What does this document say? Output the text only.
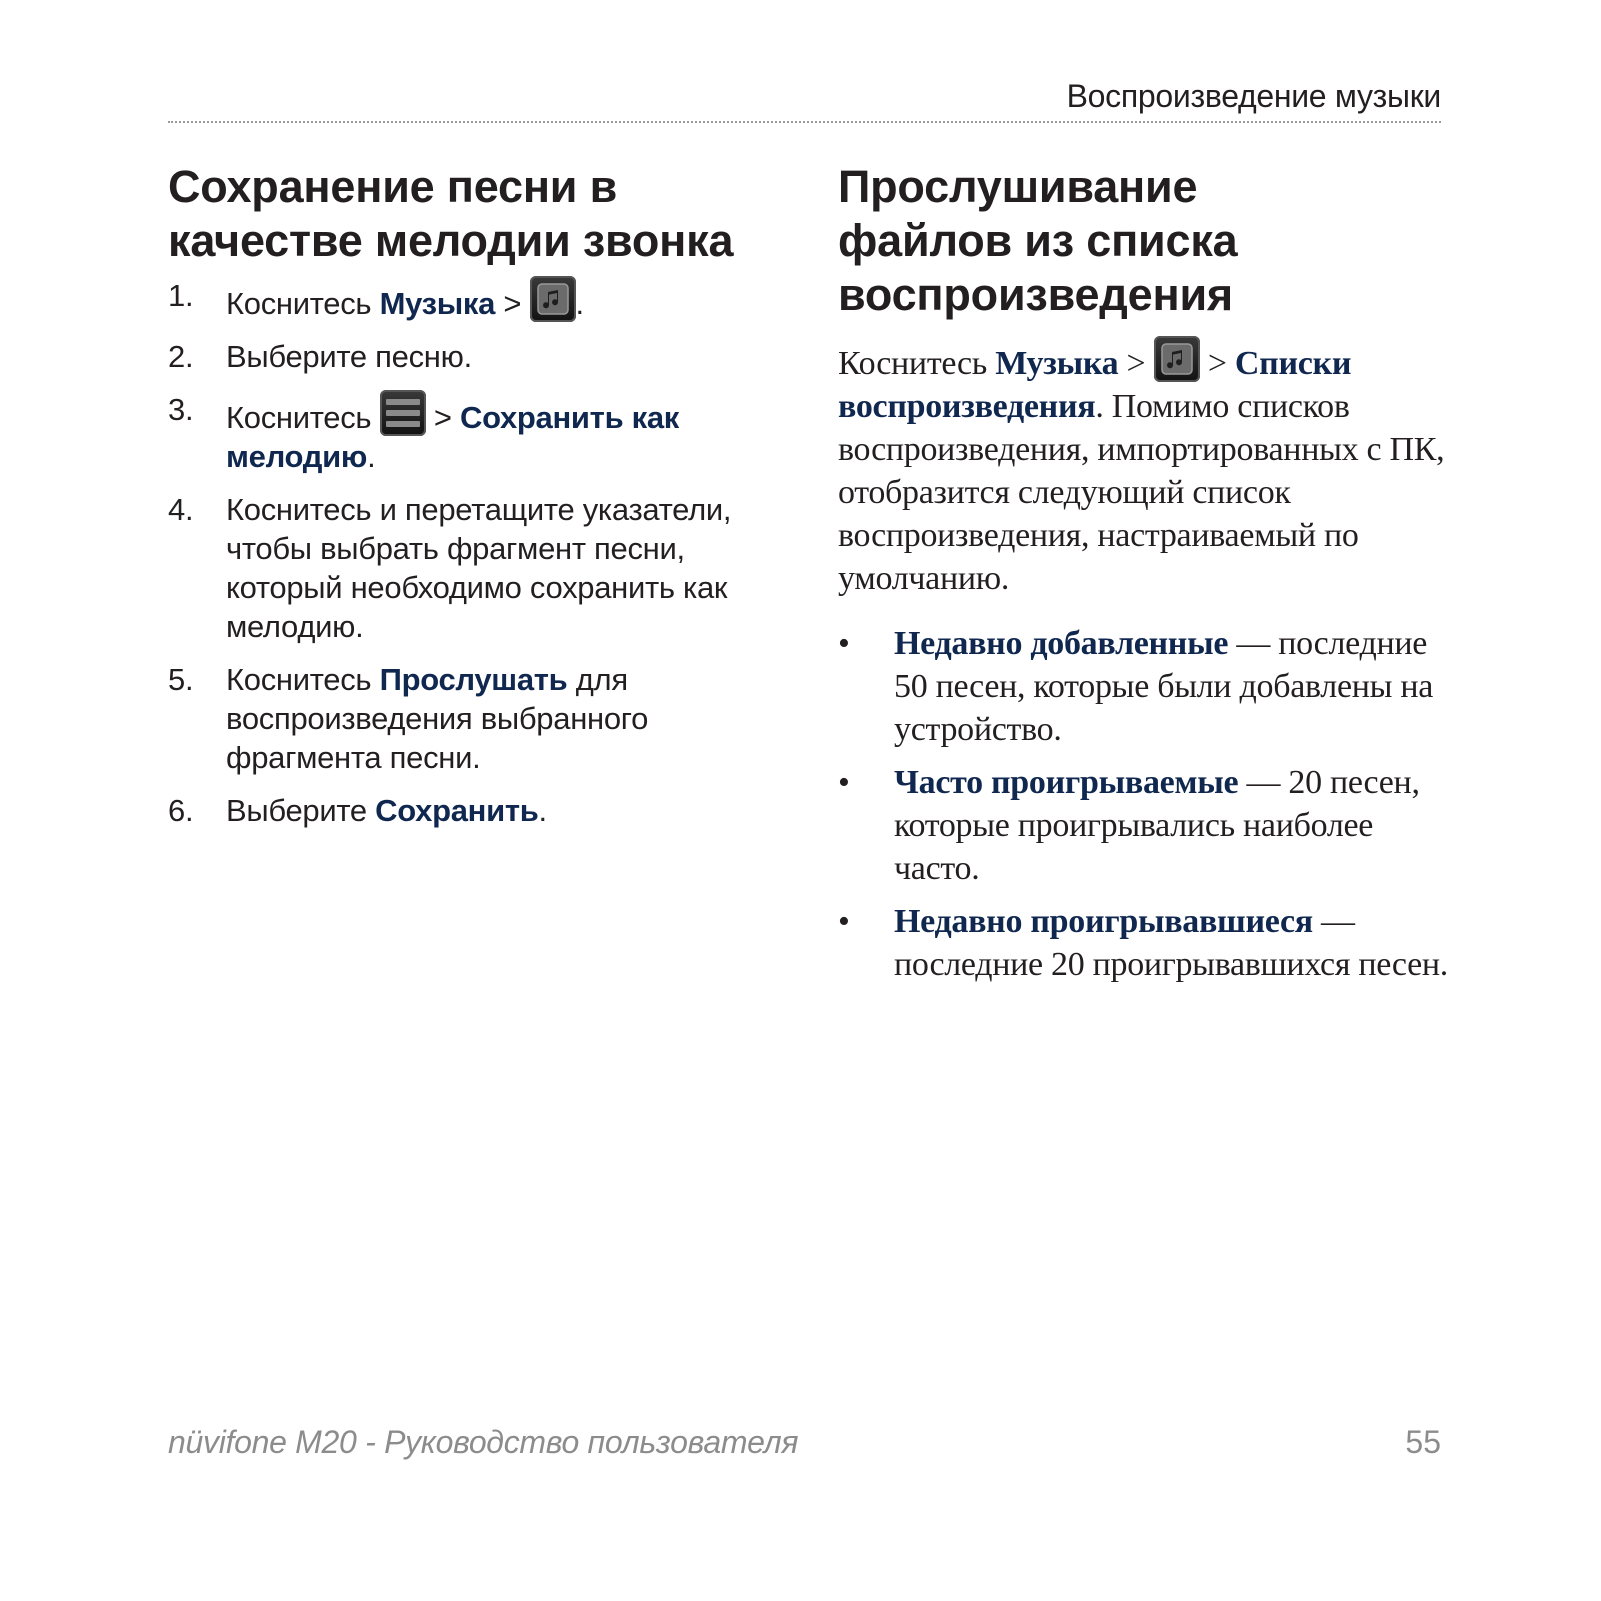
Воспроизведение музыки
Сохранение песни в
качестве мелодии звонка
1. Коснитесь Музыка >
.
2. Выберите песню.
3. Коснитесь
> Сохранить как мелодию.
4. Коснитесь и перетащите указатели, чтобы выбрать фрагмент песни, который необходимо сохранить как мелодию.
5. Коснитесь Прослушать для воспроизведения выбранного фрагмента песни.
6. Выберите Сохранить.
Прослушивание
файлов из списка
воспроизведения

Коснитесь Музыка >
> Списки воспроизведения. Помимо списков воспроизведения, импортированных с ПК, отобразится следующий список воспроизведения, настраиваемый по умолчанию.

• Недавно добавленные — последние 50 песен, которые были добавлены на устройство.
• Часто проигрываемые — 20 песен, которые проигрывались наиболее часто.
• Недавно проигрывавшиеся — последние 20 проигрывавшихся песен.
nüvifone M20 - Руководство пользователя	55
